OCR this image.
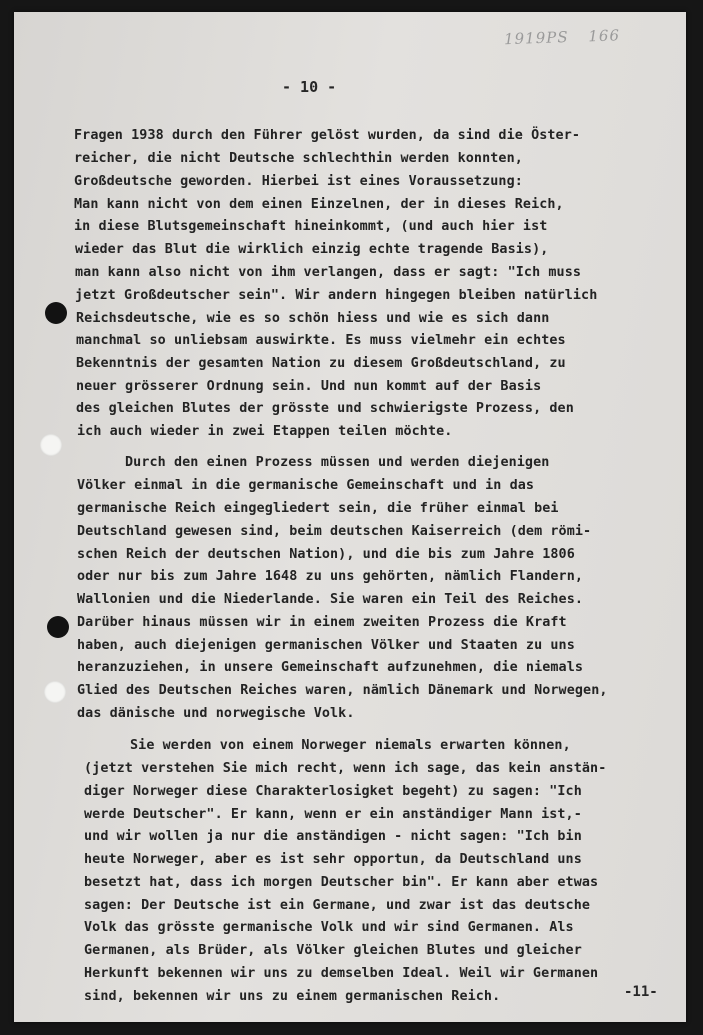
1919PS 166
- 10 -
Fragen 1938 durch den Führer gelöst wurden, da sind die Öster-
reicher, die nicht Deutsche schlechthin werden konnten,
Großdeutsche geworden. Hierbei ist eines Voraussetzung:
Man kann nicht von dem einen Einzelnen, der in dieses Reich,
in diese Blutsgemeinschaft hineinkommt, (und auch hier ist
wieder das Blut die wirklich einzig echte tragende Basis),
man kann also nicht von ihm verlangen, dass er sagt: "Ich muss
jetzt Großdeutscher sein". Wir andern hingegen bleiben natürlich
Reichsdeutsche, wie es so schön hiess und wie es sich dann
manchmal so unliebsam auswirkte. Es muss vielmehr ein echtes
Bekenntnis der gesamten Nation zu diesem Großdeutschland, zu
neuer grösserer Ordnung sein. Und nun kommt auf der Basis
des gleichen Blutes der grösste und schwierigste Prozess, den
ich auch wieder in zwei Etappen teilen möchte.
Durch den einen Prozess müssen und werden diejenigen
Völker einmal in die germanische Gemeinschaft und in das
germanische Reich eingegliedert sein, die früher einmal bei
Deutschland gewesen sind, beim deutschen Kaiserreich (dem römi-
schen Reich der deutschen Nation), und die bis zum Jahre 1806
oder nur bis zum Jahre 1648 zu uns gehörten, nämlich Flandern,
Wallonien und die Niederlande. Sie waren ein Teil des Reiches.
Darüber hinaus müssen wir in einem zweiten Prozess die Kraft
haben, auch diejenigen germanischen Völker und Staaten zu uns
heranzuziehen, in unsere Gemeinschaft aufzunehmen, die niemals
Glied des Deutschen Reiches waren, nämlich Dänemark und Norwegen,
das dänische und norwegische Volk.
Sie werden von einem Norweger niemals erwarten können,
(jetzt verstehen Sie mich recht, wenn ich sage, das kein anstän-
diger Norweger diese Charakterlosigket begeht) zu sagen: "Ich
werde Deutscher". Er kann, wenn er ein anständiger Mann ist,-
und wir wollen ja nur die anständigen - nicht sagen: "Ich bin
heute Norweger, aber es ist sehr opportun, da Deutschland uns
besetzt hat, dass ich morgen Deutscher bin". Er kann aber etwas
sagen: Der Deutsche ist ein Germane, und zwar ist das deutsche
Volk das grösste germanische Volk und wir sind Germanen. Als
Germanen, als Brüder, als Völker gleichen Blutes und gleicher
Herkunft bekennen wir uns zu demselben Ideal. Weil wir Germanen
sind, bekennen wir uns zu einem germanischen Reich.	-11-
